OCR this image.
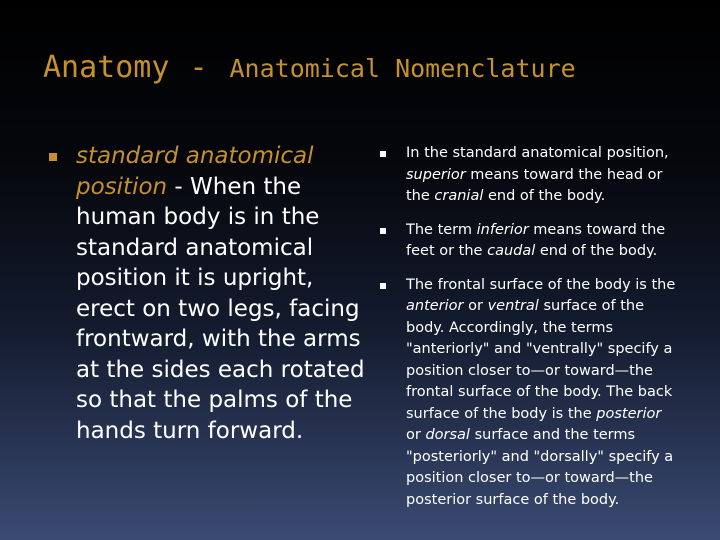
Anatomy - Anatomical Nomenclature
standard anatomical position - When the human body is in the standard anatomical position it is upright, erect on two legs, facing frontward, with the arms at the sides each rotated so that the palms of the hands turn forward.
In the standard anatomical position, superior means toward the head or the cranial end of the body.
The term inferior means toward the feet or the caudal end of the body.
The frontal surface of the body is the anterior or ventral surface of the body. Accordingly, the terms "anteriorly" and "ventrally" specify a position closer to—or toward—the frontal surface of the body. The back surface of the body is the posterior or dorsal surface and the terms "posteriorly" and "dorsally" specify a position closer to—or toward—the posterior surface of the body.
